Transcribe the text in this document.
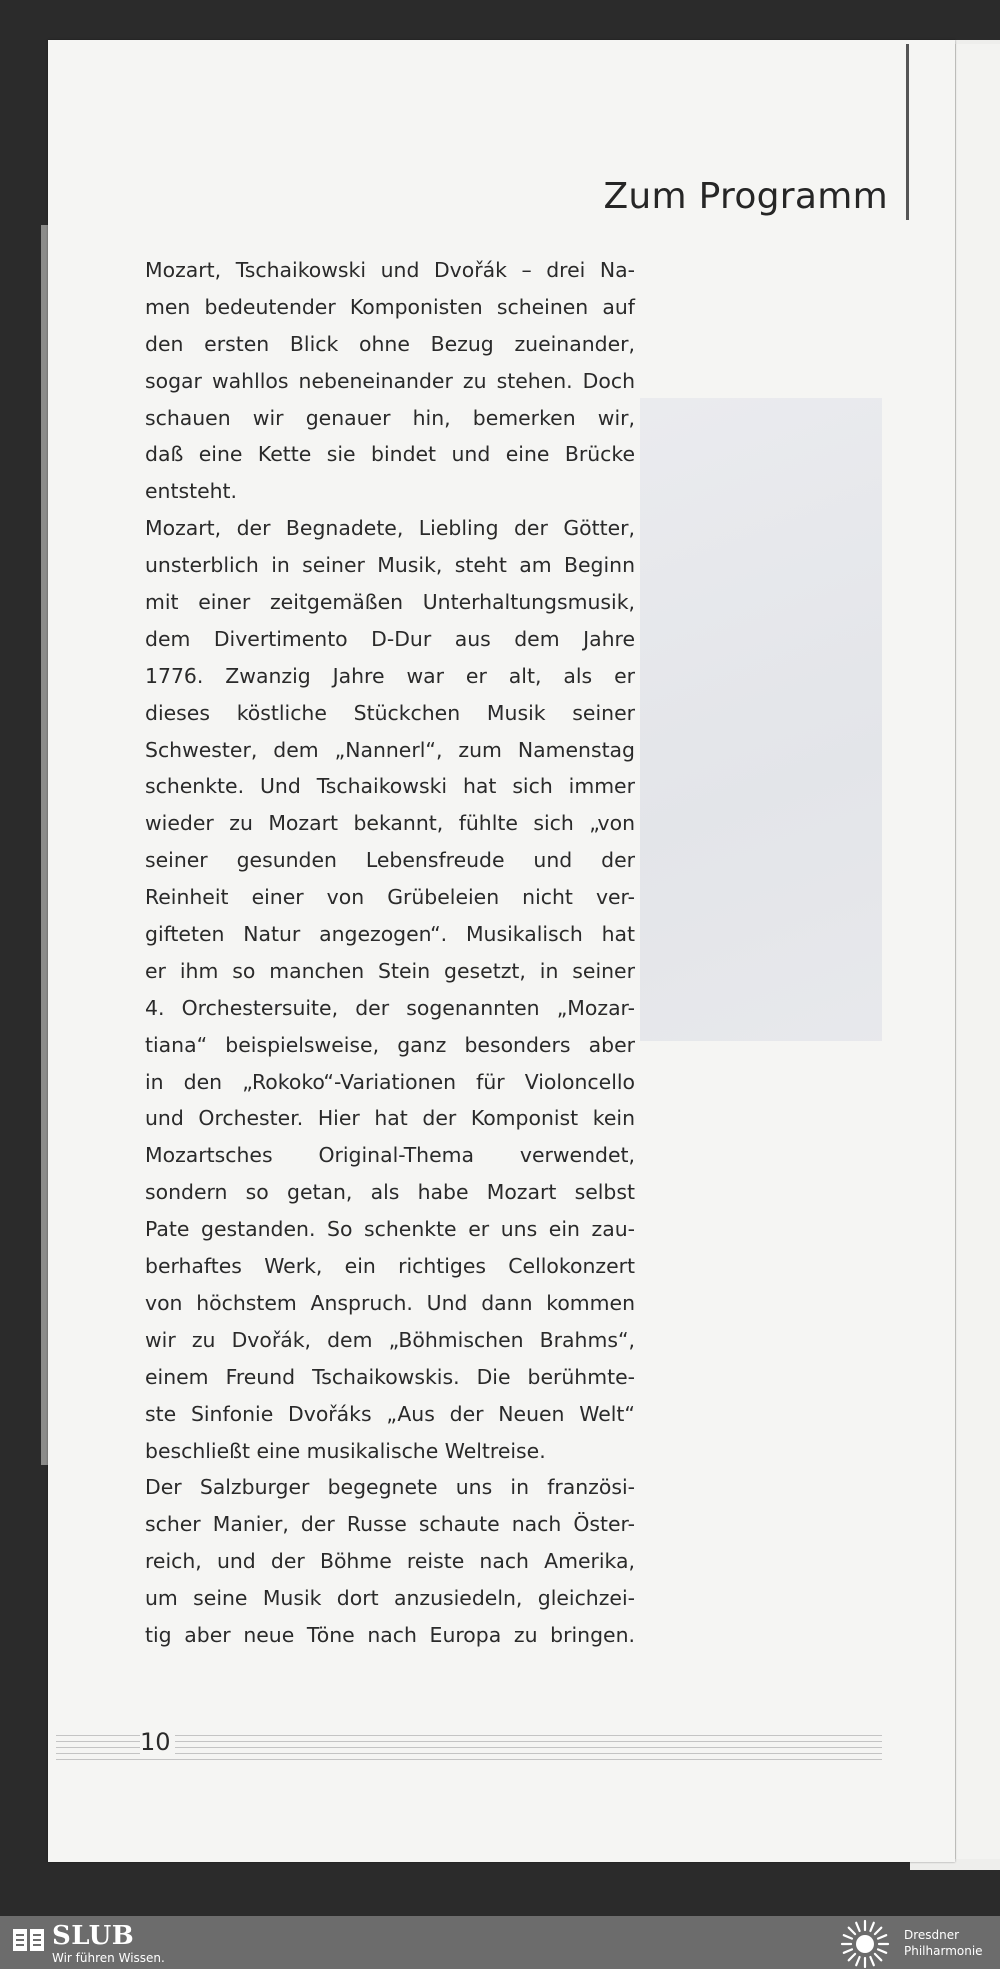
Zum Programm
Mozart, Tschaikowski und Dvořák – drei Na-
men bedeutender Komponisten scheinen auf
den ersten Blick ohne Bezug zueinander,
sogar wahllos nebeneinander zu stehen. Doch
schauen wir genauer hin, bemerken wir,
daß eine Kette sie bindet und eine Brücke
entsteht.
Mozart, der Begnadete, Liebling der Götter,
unsterblich in seiner Musik, steht am Beginn
mit einer zeitgemäßen Unterhaltungsmusik,
dem Divertimento D-Dur aus dem Jahre
1776. Zwanzig Jahre war er alt, als er
dieses köstliche Stückchen Musik seiner
Schwester, dem „Nannerl“, zum Namenstag
schenkte. Und Tschaikowski hat sich immer
wieder zu Mozart bekannt, fühlte sich „von
seiner gesunden Lebensfreude und der
Reinheit einer von Grübeleien nicht ver-
gifteten Natur angezogen“. Musikalisch hat
er ihm so manchen Stein gesetzt, in seiner
4. Orchestersuite, der sogenannten „Mozar-
tiana“ beispielsweise, ganz besonders aber
in den „Rokoko“-Variationen für Violoncello
und Orchester. Hier hat der Komponist kein
Mozartsches Original-Thema verwendet,
sondern so getan, als habe Mozart selbst
Pate gestanden. So schenkte er uns ein zau-
berhaftes Werk, ein richtiges Cellokonzert
von höchstem Anspruch. Und dann kommen
wir zu Dvořák, dem „Böhmischen Brahms“,
einem Freund Tschaikowskis. Die berühmte-
ste Sinfonie Dvořáks „Aus der Neuen Welt“
beschließt eine musikalische Weltreise.
Der Salzburger begegnete uns in französi-
scher Manier, der Russe schaute nach Öster-
reich, und der Böhme reiste nach Amerika,
um seine Musik dort anzusiedeln, gleichzei-
tig aber neue Töne nach Europa zu bringen.
10
SLUB
Wir führen Wissen.
Dresdner
Philharmonie
